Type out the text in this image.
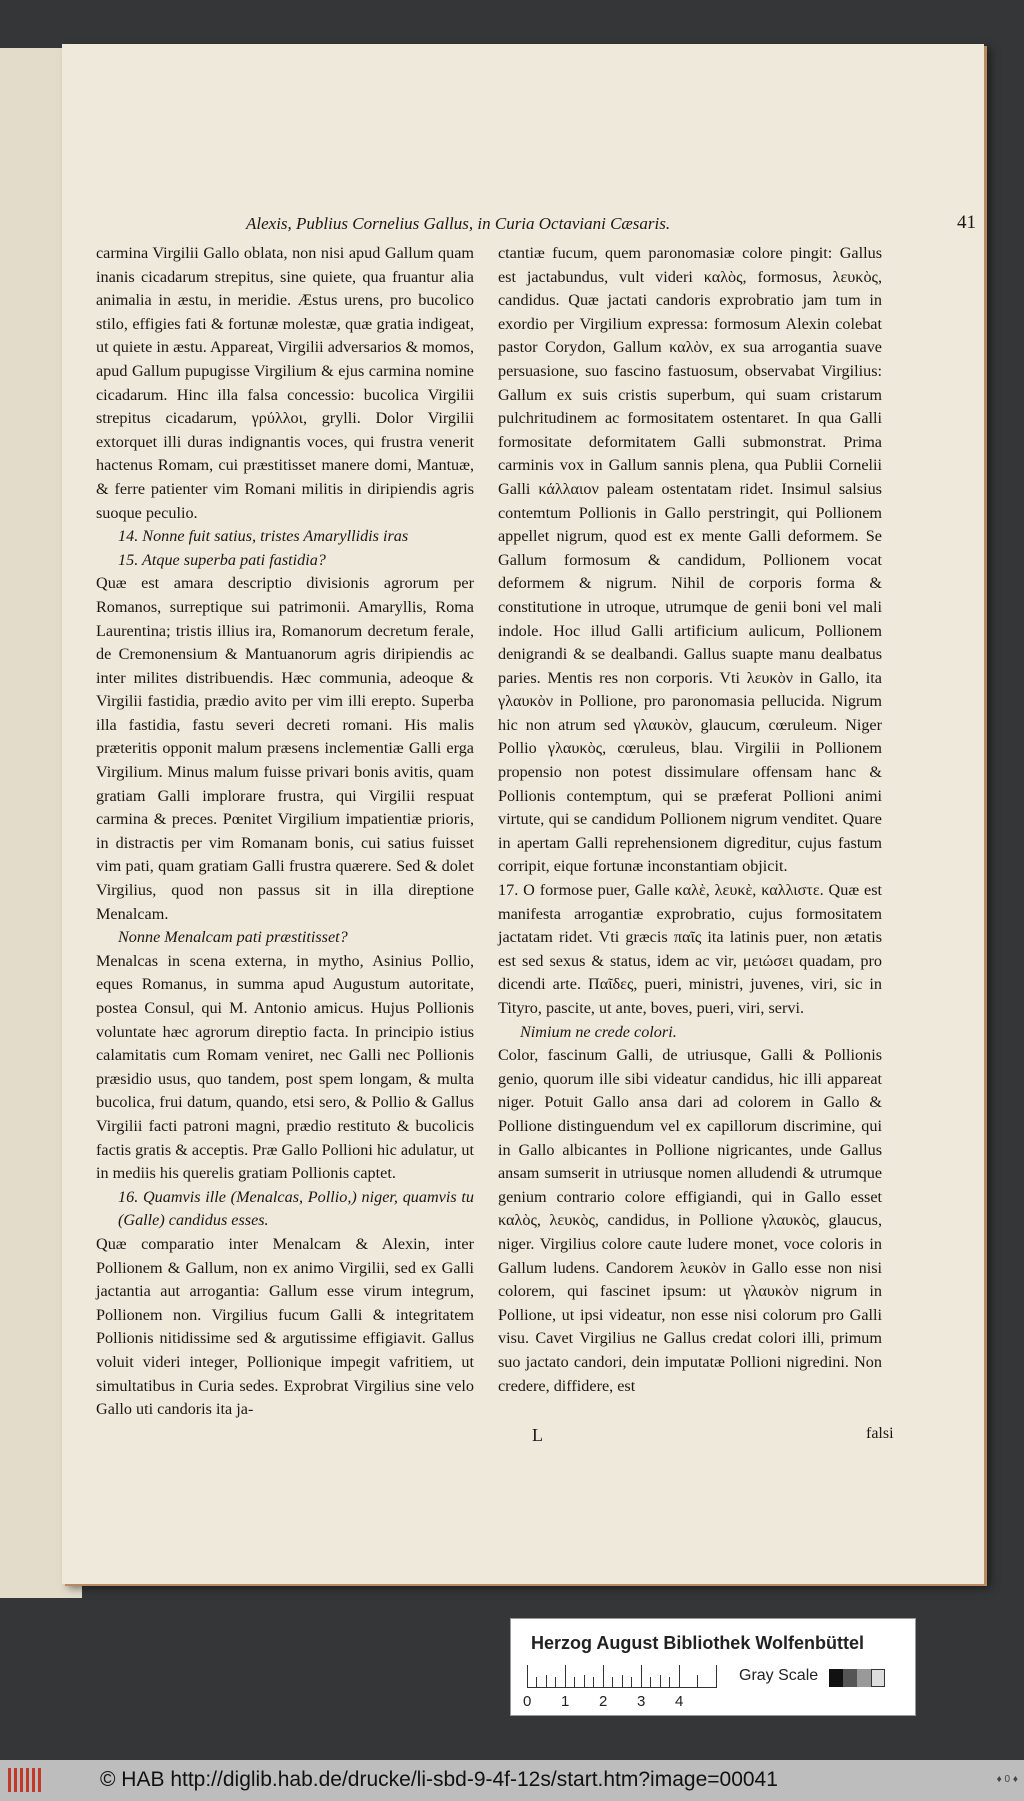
Alexis, Publius Cornelius Gallus, in Curia Octaviani Cæsaris.	41

carmina Virgilii Gallo oblata, non nisi apud Gallum quam inanis cicadarum strepitus, sine quiete, qua fruantur alia animalia in æstu, in meridie. Æstus urens, pro bucolico stilo, effigies fati & fortunæ molestæ, quæ gratia indigeat, ut quiete in æstu. Appareat, Virgilii adversarios & momos, apud Gallum pupugisse Virgilium & ejus carmina nomine cicadarum. Hinc illa falsa concessio: bucolica Virgilii strepitus cicadarum, γρύλλοι, grylli. Dolor Virgilii extorquet illi duras indignantis voces, qui frustra venerit hactenus Romam, cui præstitisset manere domi, Mantuæ, & ferre patienter vim Romani militis in diripiendis agris suoque peculio.

14. Nonne fuit satius, tristes Amaryllidis iras

15. Atque superba pati fastidia?

Quæ est amara descriptio divisionis agrorum per Romanos, surreptique sui patrimonii. Amaryllis, Roma Laurentina; tristis illius ira, Romanorum decretum ferale, de Cremonensium & Mantuanorum agris diripiendis ac inter milites distribuendis. Hæc communia, adeoque & Virgilii fastidia, prædio avito per vim illi erepto. Superba illa fastidia, fastu severi decreti romani. His malis præteritis opponit malum præsens inclementiæ Galli erga Virgilium. Minus malum fuisse privari bonis avitis, quam gratiam Galli implorare frustra, qui Virgilii respuat carmina & preces. Pœnitet Virgilium impatientiæ prioris, in distractis per vim Romanam bonis, cui satius fuisset vim pati, quam gratiam Galli frustra quærere. Sed & dolet Virgilius, quod non passus sit in illa direptione Menalcam.

Nonne Menalcam pati præstitisset?

Menalcas in scena externa, in mytho, Asinius Pollio, eques Romanus, in summa apud Augustum autoritate, postea Consul, qui M. Antonio amicus. Hujus Pollionis voluntate hæc agrorum direptio facta. In principio istius calamitatis cum Romam veniret, nec Galli nec Pollionis præsidio usus, quo tandem, post spem longam, & multa bucolica, frui datum, quando, etsi sero, & Pollio & Gallus Virgilii facti patroni magni, prædio restituto & bucolicis factis gratis & acceptis. Præ Gallo Pollioni hic adulatur, ut in mediis his querelis gratiam Pollionis captet.

16. Quamvis ille (Menalcas, Pollio,) niger, quamvis tu (Galle) candidus esses.

Quæ comparatio inter Menalcam & Alexin, inter Pollionem & Gallum, non ex animo Virgilii, sed ex Galli jactantia aut arrogantia: Gallum esse virum integrum, Pollionem non. Virgilius fucum Galli & integritatem Pollionis nitidissime sed & argutissime effigiavit. Gallus voluit videri integer, Pollionique impegit vafritiem, ut simultatibus in Curia sedes. Exprobrat Virgilius sine velo Gallo uti candoris ita ja-

ctantiæ fucum, quem paronomasiæ colore pingit: Gallus est jactabundus, vult videri καλὸς, formosus, λευκὸς, candidus. Quæ jactati candoris exprobratio jam tum in exordio per Virgilium expressa: formosum Alexin colebat pastor Corydon, Gallum καλὸν, ex sua arrogantia suave persuasione, suo fascino fastuosum, observabat Virgilius: Gallum ex suis cristis superbum, qui suam cristarum pulchritudinem ac formositatem ostentaret. In qua Galli formositate deformitatem Galli submonstrat. Prima carminis vox in Gallum sannis plena, qua Publii Cornelii Galli κάλλαιον paleam ostentatam ridet. Insimul salsius contemtum Pollionis in Gallo perstringit, qui Pollionem appellet nigrum, quod est ex mente Galli deformem. Se Gallum formosum & candidum, Pollionem vocat deformem & nigrum. Nihil de corporis forma & constitutione in utroque, utrumque de genii boni vel mali indole. Hoc illud Galli artificium aulicum, Pollionem denigrandi & se dealbandi. Gallus suapte manu dealbatus paries. Mentis res non corporis. Vti λευκὸν in Gallo, ita γλαυκὸν in Pollione, pro paronomasia pellucida. Nigrum hic non atrum sed γλαυκὸν, glaucum, cœruleum. Niger Pollio γλαυκὸς, cœruleus, blau. Virgilii in Pollionem propensio non potest dissimulare offensam hanc & Pollionis contemptum, qui se præferat Pollioni animi virtute, qui se candidum Pollionem nigrum venditet. Quare in apertam Galli reprehensionem digreditur, cujus fastum corripit, eique fortunæ inconstantiam objicit.

17. O formose puer, Galle καλὲ, λευκὲ, καλλιστε. Quæ est manifesta arrogantiæ exprobratio, cujus formositatem jactatam ridet. Vti græcis παῖς ita latinis puer, non ætatis est sed sexus & status, idem ac vir, μειώσει quadam, pro dicendi arte. Παῖδες, pueri, ministri, juvenes, viri, sic in Tityro, pascite, ut ante, boves, pueri, viri, servi.

Nimium ne crede colori.

Color, fascinum Galli, de utriusque, Galli & Pollionis genio, quorum ille sibi videatur candidus, hic illi appareat niger. Potuit Gallo ansa dari ad colorem in Gallo & Pollione distinguendum vel ex capillorum discrimine, qui in Gallo albicantes in Pollione nigricantes, unde Gallus ansam sumserit in utriusque nomen alludendi & utrumque genium contrario colore effigiandi, qui in Gallo esset καλὸς, λευκὸς, candidus, in Pollione γλαυκὸς, glaucus, niger. Virgilius colore caute ludere monet, voce coloris in Gallum ludens. Candorem λευκὸν in Gallo esse non nisi colorem, qui fascinet ipsum: ut γλαυκὸν nigrum in Pollione, ut ipsi videatur, non esse nisi colorum pro Galli visu. Cavet Virgilius ne Gallus credat colori illi, primum suo jactato candori, dein imputatæ Pollioni nigredini. Non credere, diffidere, est

L	falsi
Herzog August Bibliothek Wolfenbüttel
0 1 2 3 4
Gray Scale
© HAB http://diglib.hab.de/drucke/li-sbd-9-4f-12s/start.htm?image=00041	♦ 0 ♦
